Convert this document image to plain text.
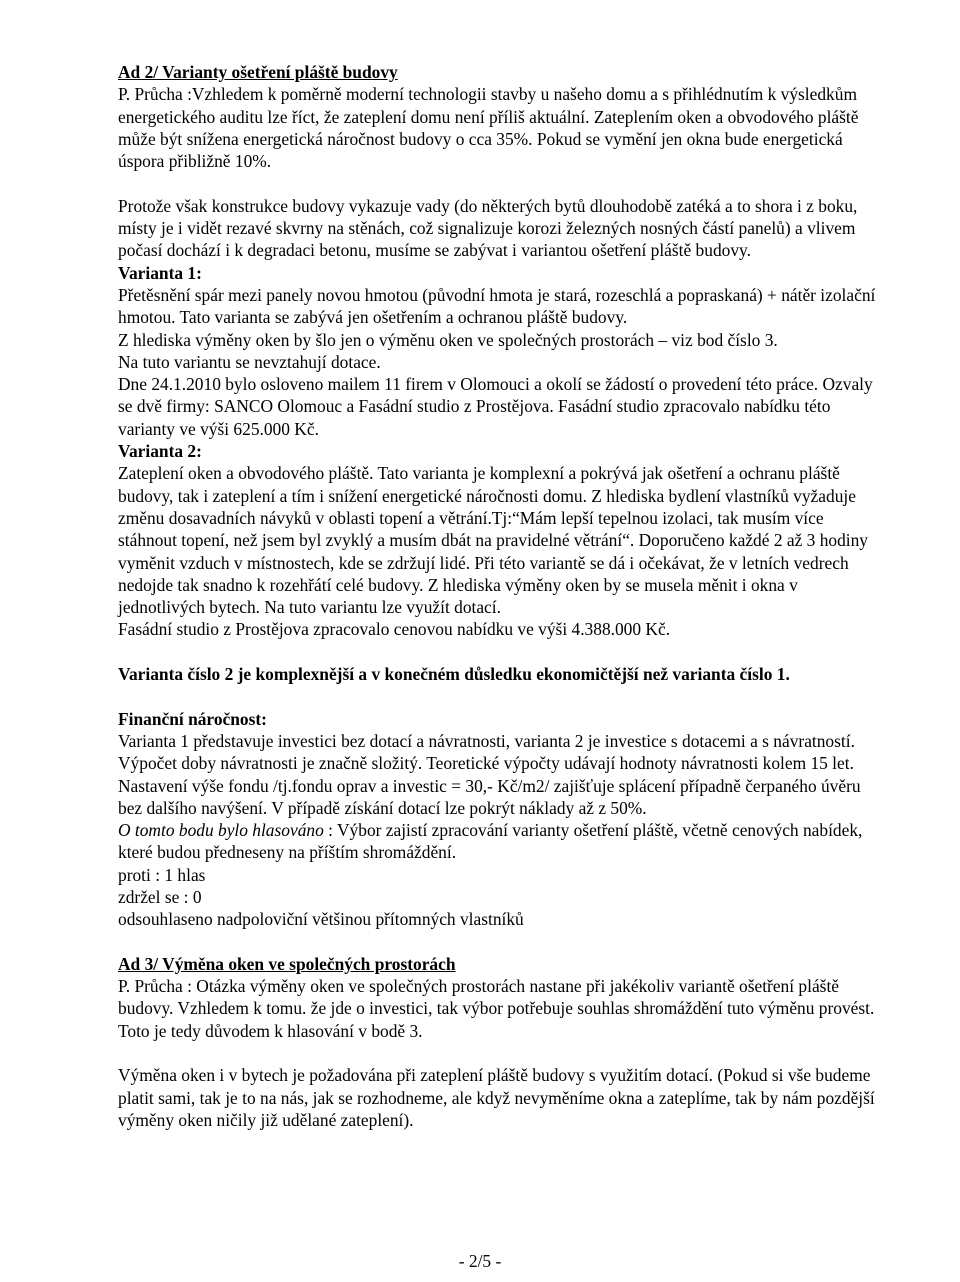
Ad 2/ Varianty ošetření pláště budovy

P. Průcha :Vzhledem k poměrně moderní technologii stavby u našeho domu a s přihlédnutím k výsledkům energetického auditu lze říct, že zateplení domu není příliš aktuální. Zateplením oken a obvodového pláště může být snížena energetická náročnost budovy o cca 35%. Pokud se vymění jen okna bude energetická úspora přibližně 10%.

Protože však konstrukce budovy vykazuje vady (do některých bytů dlouhodobě zatéká a to shora i z boku, místy je i vidět rezavé skvrny na stěnách, což signalizuje korozi železných nosných částí panelů) a vlivem počasí dochází i k degradaci betonu, musíme se zabývat i variantou ošetření pláště budovy.

Varianta 1:

Přetěsnění spár mezi panely novou hmotou (původní hmota je stará, rozeschlá a popraskaná) + nátěr izolační hmotou. Tato varianta se zabývá jen ošetřením a ochranou pláště budovy.

Z hlediska výměny oken by šlo jen o výměnu oken ve společných prostorách – viz bod číslo 3.

Na tuto variantu se nevztahují dotace.

Dne 24.1.2010 bylo osloveno mailem 11 firem v Olomouci a okolí se žádostí o provedení této práce. Ozvaly se dvě firmy: SANCO Olomouc a Fasádní studio z Prostějova. Fasádní studio zpracovalo nabídku této varianty ve výši 625.000 Kč.

Varianta 2:

Zateplení oken a obvodového pláště. Tato varianta je komplexní a pokrývá jak ošetření a ochranu pláště budovy, tak i zateplení a tím i snížení energetické náročnosti domu. Z hlediska bydlení vlastníků vyžaduje změnu dosavadních návyků v oblasti topení a větrání.Tj:“Mám lepší tepelnou izolaci, tak musím více stáhnout topení, než jsem byl zvyklý a musím dbát na pravidelné větrání“. Doporučeno každé 2 až 3 hodiny vyměnit vzduch v místnostech, kde se zdržují lidé. Při této variantě se dá i očekávat, že v letních vedrech nedojde tak snadno k rozehřátí celé budovy. Z hlediska výměny oken by se musela měnit i okna v jednotlivých bytech. Na tuto variantu lze využít dotací.

Fasádní studio z Prostějova zpracovalo cenovou nabídku ve výši 4.388.000 Kč.

Varianta číslo 2 je komplexnější a v konečném důsledku ekonomičtější než varianta číslo 1.

Finanční náročnost:

Varianta 1 představuje investici bez dotací a návratnosti, varianta 2 je investice s dotacemi a s návratností. Výpočet doby návratnosti je značně složitý. Teoretické výpočty udávají hodnoty návratnosti kolem 15 let. Nastavení výše fondu /tj.fondu oprav a investic = 30,- Kč/m2/ zajišťuje splácení případně čerpaného úvěru bez dalšího navýšení. V případě získání dotací lze pokrýt náklady až z 50%.

O tomto bodu bylo hlasováno : Výbor zajistí zpracování varianty ošetření pláště, včetně cenových nabídek, které budou předneseny na příštím shromáždění.

proti : 1 hlas

zdržel se : 0

odsouhlaseno nadpoloviční většinou přítomných vlastníků

Ad 3/ Výměna oken ve společných prostorách

P. Průcha : Otázka výměny oken ve společných prostorách nastane při jakékoliv variantě ošetření pláště budovy. Vzhledem k tomu. že jde o investici, tak výbor potřebuje souhlas shromáždění tuto výměnu provést. Toto je tedy důvodem k hlasování v bodě 3.

Výměna oken i v bytech je požadována při zateplení pláště budovy s využitím dotací. (Pokud si vše budeme platit sami, tak je to na nás, jak se rozhodneme, ale když nevyměníme okna a zateplíme, tak by nám pozdější výměny oken ničily již udělané zateplení).

- 2/5 -
